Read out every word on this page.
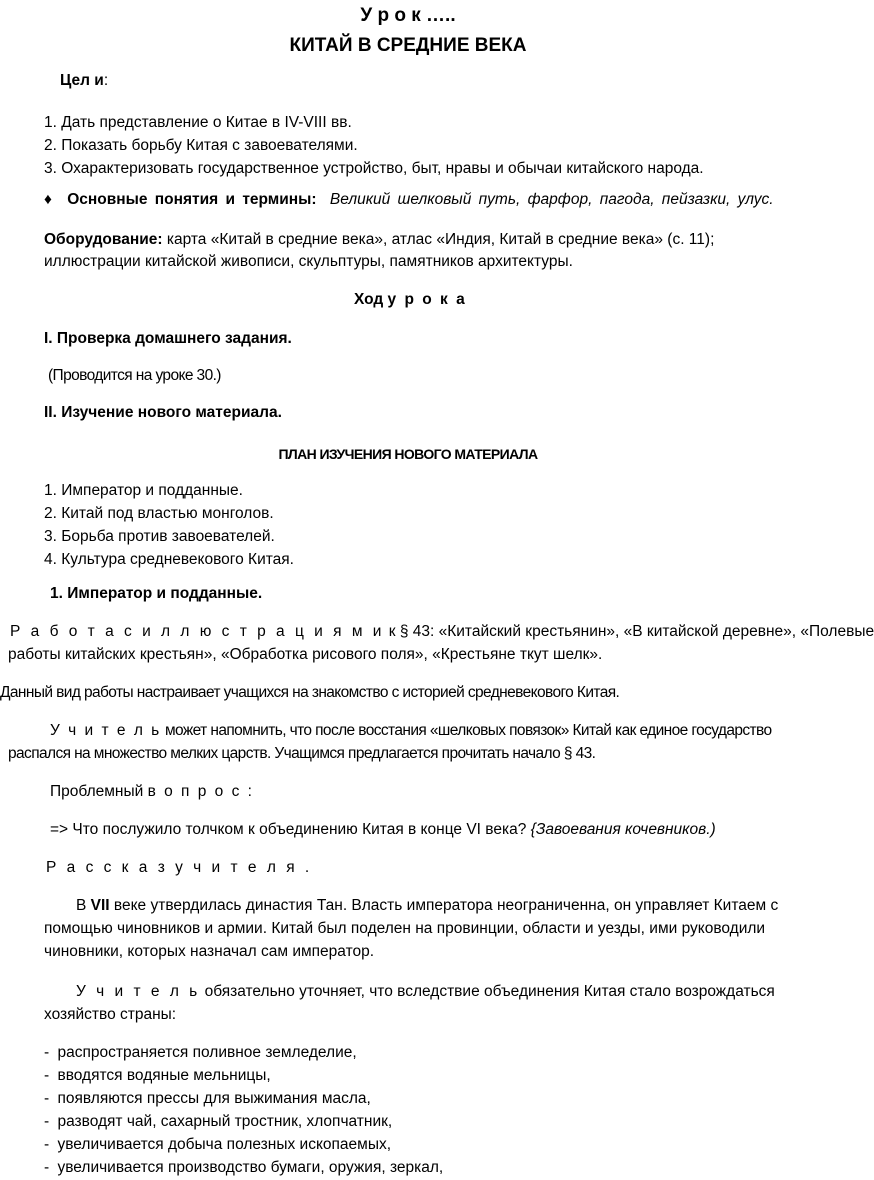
У р о к …..
КИТАЙ В СРЕДНИЕ ВЕКА
Цел и:
1. Дать представление о Китае в IV-VIII вв.
2. Показать борьбу Китая с завоевателями.
3. Охарактеризовать государственное устройство, быт, нравы и обычаи китайского народа.
♦ Основные понятия и термины: Великий шелковый путь, фарфор, пагода, пейзазки, улус.
Оборудование: карта «Китай в средние века», атлас «Индия, Китай в средние века» (с. 11);
иллюстрации китайской живописи, скульптуры, памятников архитектуры.
Ход у р о к а
I. Проверка домашнего задания.
(Проводится на уроке 30.)
II. Изучение нового материала.
ПЛАН ИЗУЧЕНИЯ НОВОГО МАТЕРИАЛА
1. Император и подданные.
2. Китай под властью монголов.
3. Борьба против завоевателей.
4. Культура средневекового Китая.
1. Император и подданные.
Р а б о т а с и л л ю с т р а ц и я м и к § 43: «Китайский крестьянин», «В китайской деревне», «Полевые
работы китайских крестьян», «Обработка рисового поля», «Крестьяне ткут шелк».
Данный вид работы настраивает учащихся на знакомство с историей средневекового Китая.
У ч и т е л ь может напомнить, что после восстания «шелковых повязок» Китай как единое государство
распался на множество мелких царств. Учащимся предлагается прочитать начало § 43.
Проблемный в о п р о с :
=> Что послужило толчком к объединению Китая в конце VI века? {Завоевания кочевников.)
Р а с с к а з у ч и т е л я .
В VII веке утвердилась династия Тан. Власть императора неограниченна, он управляет Китаем с
помощью чиновников и армии. Китай был поделен на провинции, области и уезды, ими руководили
чиновники, которых назначал сам император.
У ч и т е л ь обязательно уточняет, что вследствие объединения Китая стало возрождаться
хозяйство страны:
- распространяется поливное земледелие,
- вводятся водяные мельницы,
- появляются прессы для выжимания масла,
- разводят чай, сахарный тростник, хлопчатник,
- увеличивается добыча полезных ископаемых,
- увеличивается производство бумаги, оружия, зеркал,
